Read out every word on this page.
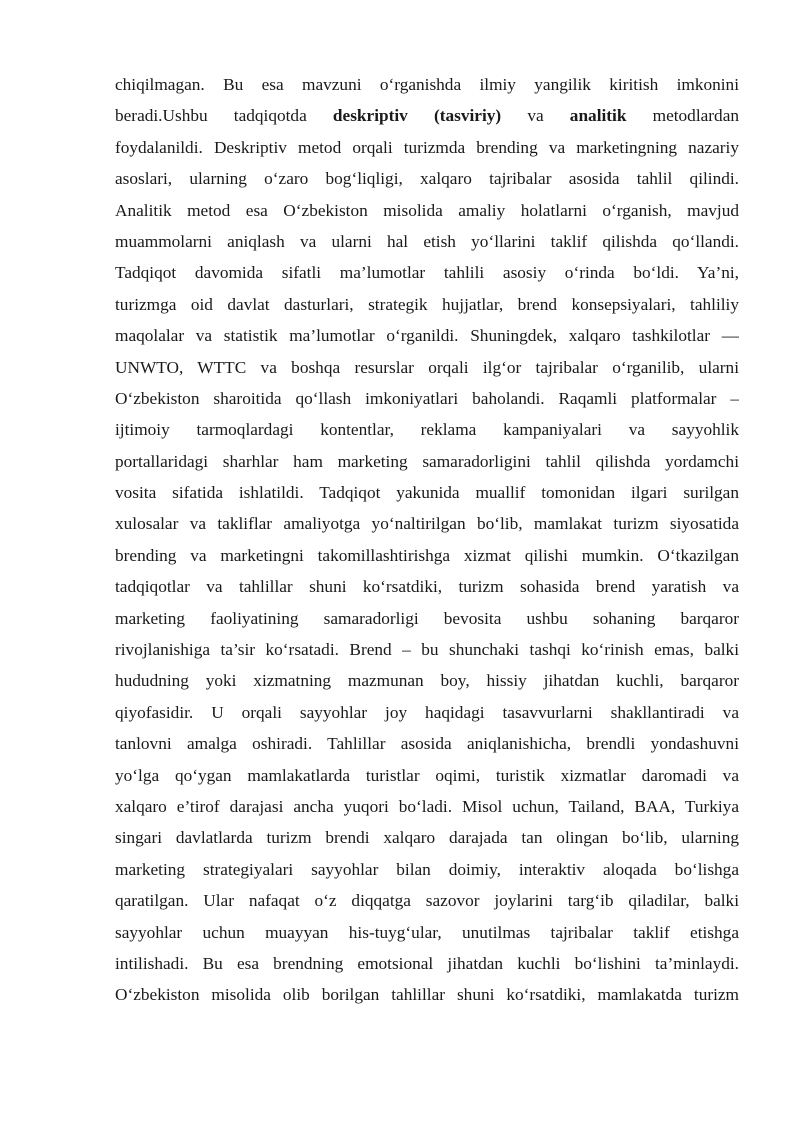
chiqilmagan. Bu esa mavzuni o‘rganishda ilmiy yangilik kiritish imkonini
beradi.Ushbu tadqiqotda deskriptiv (tasviriy) va analitik metodlardan
foydalanildi. Deskriptiv metod orqali turizmda brending va marketingning nazariy
asoslari, ularning o‘zaro bog‘liqligi, xalqaro tajribalar asosida tahlil qilindi.
Analitik metod esa O‘zbekiston misolida amaliy holatlarni o‘rganish, mavjud
muammolarni aniqlash va ularni hal etish yo‘llarini taklif qilishda qo‘llandi.
Tadqiqot davomida sifatli ma’lumotlar tahlili asosiy o‘rinda bo‘ldi. Ya’ni,
turizmga oid davlat dasturlari, strategik hujjatlar, brend konsepsiyalari, tahliliy
maqolalar va statistik ma’lumotlar o‘rganildi. Shuningdek, xalqaro tashkilotlar —
UNWTO, WTTC va boshqa resurslar orqali ilg‘or tajribalar o‘rganilib, ularni
O‘zbekiston sharoitida qo‘llash imkoniyatlari baholandi. Raqamli platformalar –
ijtimoiy tarmoqlardagi kontentlar, reklama kampaniyalari va sayyohlik
portallaridagi sharhlar ham marketing samaradorligini tahlil qilishda yordamchi
vosita sifatida ishlatildi. Tadqiqot yakunida muallif tomonidan ilgari surilgan
xulosalar va takliflar amaliyotga yo‘naltirilgan bo‘lib, mamlakat turizm siyosatida
brending va marketingni takomillashtirishga xizmat qilishi mumkin. O‘tkazilgan
tadqiqotlar va tahlillar shuni ko‘rsatdiki, turizm sohasida brend yaratish va
marketing faoliyatining samaradorligi bevosita ushbu sohaning barqaror
rivojlanishiga ta’sir ko‘rsatadi. Brend – bu shunchaki tashqi ko‘rinish emas, balki
hududning yoki xizmatning mazmunan boy, hissiy jihatdan kuchli, barqaror
qiyofasidir. U orqali sayyohlar joy haqidagi tasavvurlarni shakllantiradi va
tanlovni amalga oshiradi. Tahlillar asosida aniqlanishicha, brendli yondashuvni
yo‘lga qo‘ygan mamlakatlarda turistlar oqimi, turistik xizmatlar daromadi va
xalqaro e’tirof darajasi ancha yuqori bo‘ladi. Misol uchun, Tailand, BAA, Turkiya
singari davlatlarda turizm brendi xalqaro darajada tan olingan bo‘lib, ularning
marketing strategiyalari sayyohlar bilan doimiy, interaktiv aloqada bo‘lishga
qaratilgan. Ular nafaqat o‘z diqqatga sazovor joylarini targ‘ib qiladilar, balki
sayyohlar uchun muayyan his-tuyg‘ular, unutilmas tajribalar taklif etishga
intilishadi. Bu esa brendning emotsional jihatdan kuchli bo‘lishini ta’minlaydi.
O‘zbekiston misolida olib borilgan tahlillar shuni ko‘rsatdiki, mamlakatda turizm
